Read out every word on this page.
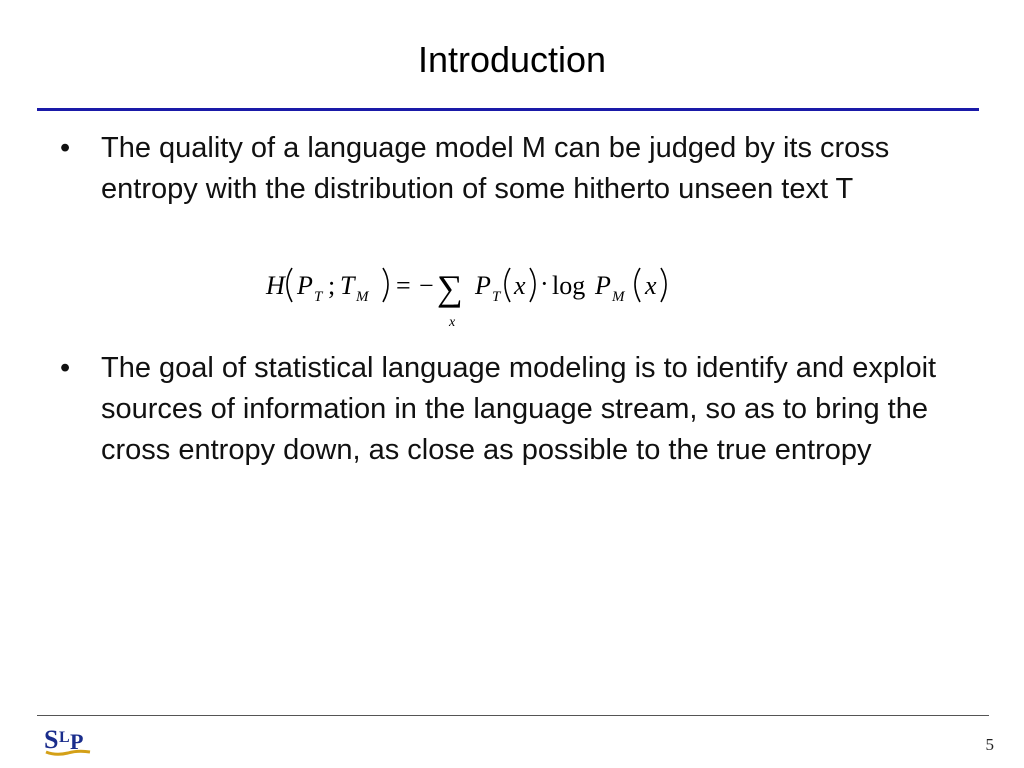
Introduction
•	The quality of a language model M can be judged by its cross entropy with the distribution of some hitherto unseen text T
•	The goal of statistical language modeling is to identify and exploit sources of information in the language stream, so as to bring the cross entropy down, as close as possible to the true entropy
H P T ; T M = − ∑
x
P T x · log P M x
S L P	5
